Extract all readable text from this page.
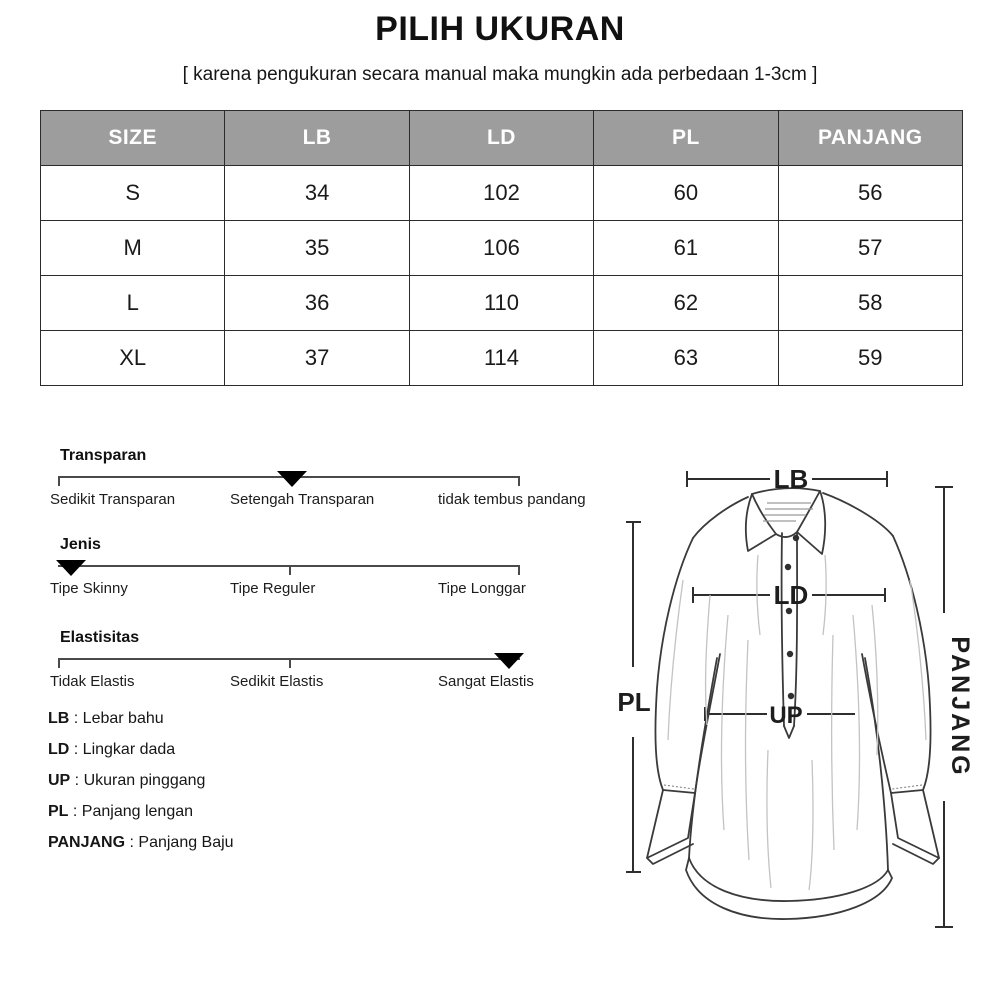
PILIH UKURAN
[ karena pengukuran secara manual maka mungkin ada perbedaan 1-3cm ]
SIZE	LB	LD	PL	PANJANG
S	34	102	60	56
M	35	106	61	57
L	36	110	62	58
XL	37	114	63	59
Transparan
Sedikit Transparan	Setengah Transparan	tidak tembus pandang
Jenis
Tipe Skinny	Tipe Reguler	Tipe Longgar
Elastisitas
Tidak Elastis	Sedikit Elastis	Sangat Elastis
LB : Lebar bahu
LD : Lingkar dada
UP : Ukuran pinggang
PL : Panjang lengan
PANJANG : Panjang Baju
LB
LD
UP
PL	PANJANG
